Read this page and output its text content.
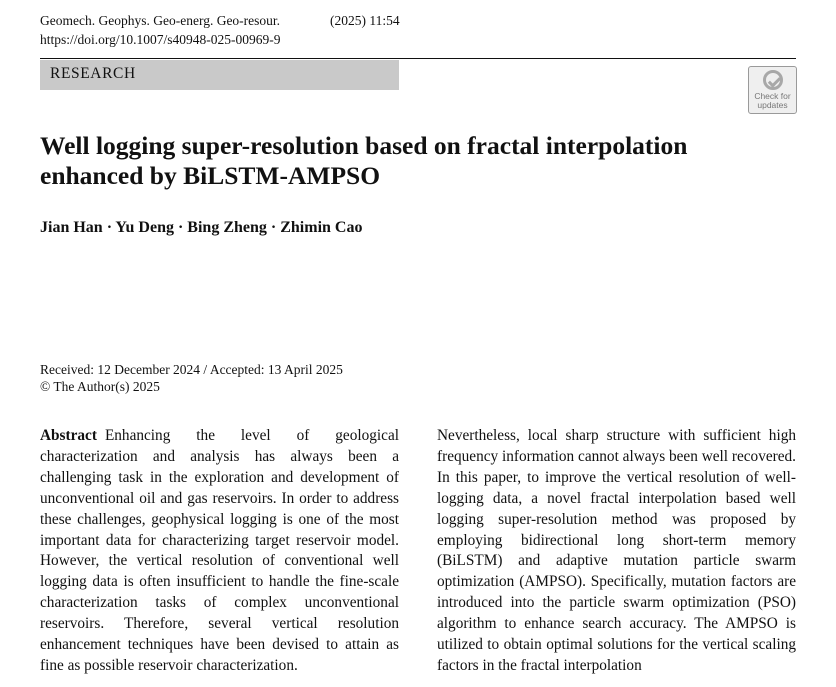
Geomech. Geophys. Geo-energ. Geo-resour.	(2025) 11:54
https://doi.org/10.1007/s40948-025-00969-9
RESEARCH
Check for
updates
Well logging super-resolution based on fractal interpolation enhanced by BiLSTM-AMPSO
Jian Han · Yu Deng · Bing Zheng · Zhimin Cao
Received: 12 December 2024 / Accepted: 13 April 2025
© The Author(s) 2025
Abstract Enhancing the level of geological characterization and analysis has always been a challenging task in the exploration and development of unconventional oil and gas reservoirs. In order to address these challenges, geophysical logging is one of the most important data for characterizing target reservoir model. However, the vertical resolution of conventional well logging data is often insufficient to handle the fine-scale characterization tasks of complex unconventional reservoirs. Therefore, several vertical resolution enhancement techniques have been devised to attain as fine as possible reservoir characterization.
Nevertheless, local sharp structure with sufficient high frequency information cannot always been well recovered. In this paper, to improve the vertical resolution of well-logging data, a novel fractal interpolation based well logging super-resolution method was proposed by employing bidirectional long short-term memory (BiLSTM) and adaptive mutation particle swarm optimization (AMPSO). Specifically, mutation factors are introduced into the particle swarm optimization (PSO) algorithm to enhance search accuracy. The AMPSO is utilized to obtain optimal solutions for the vertical scaling factors in the fractal interpolation
